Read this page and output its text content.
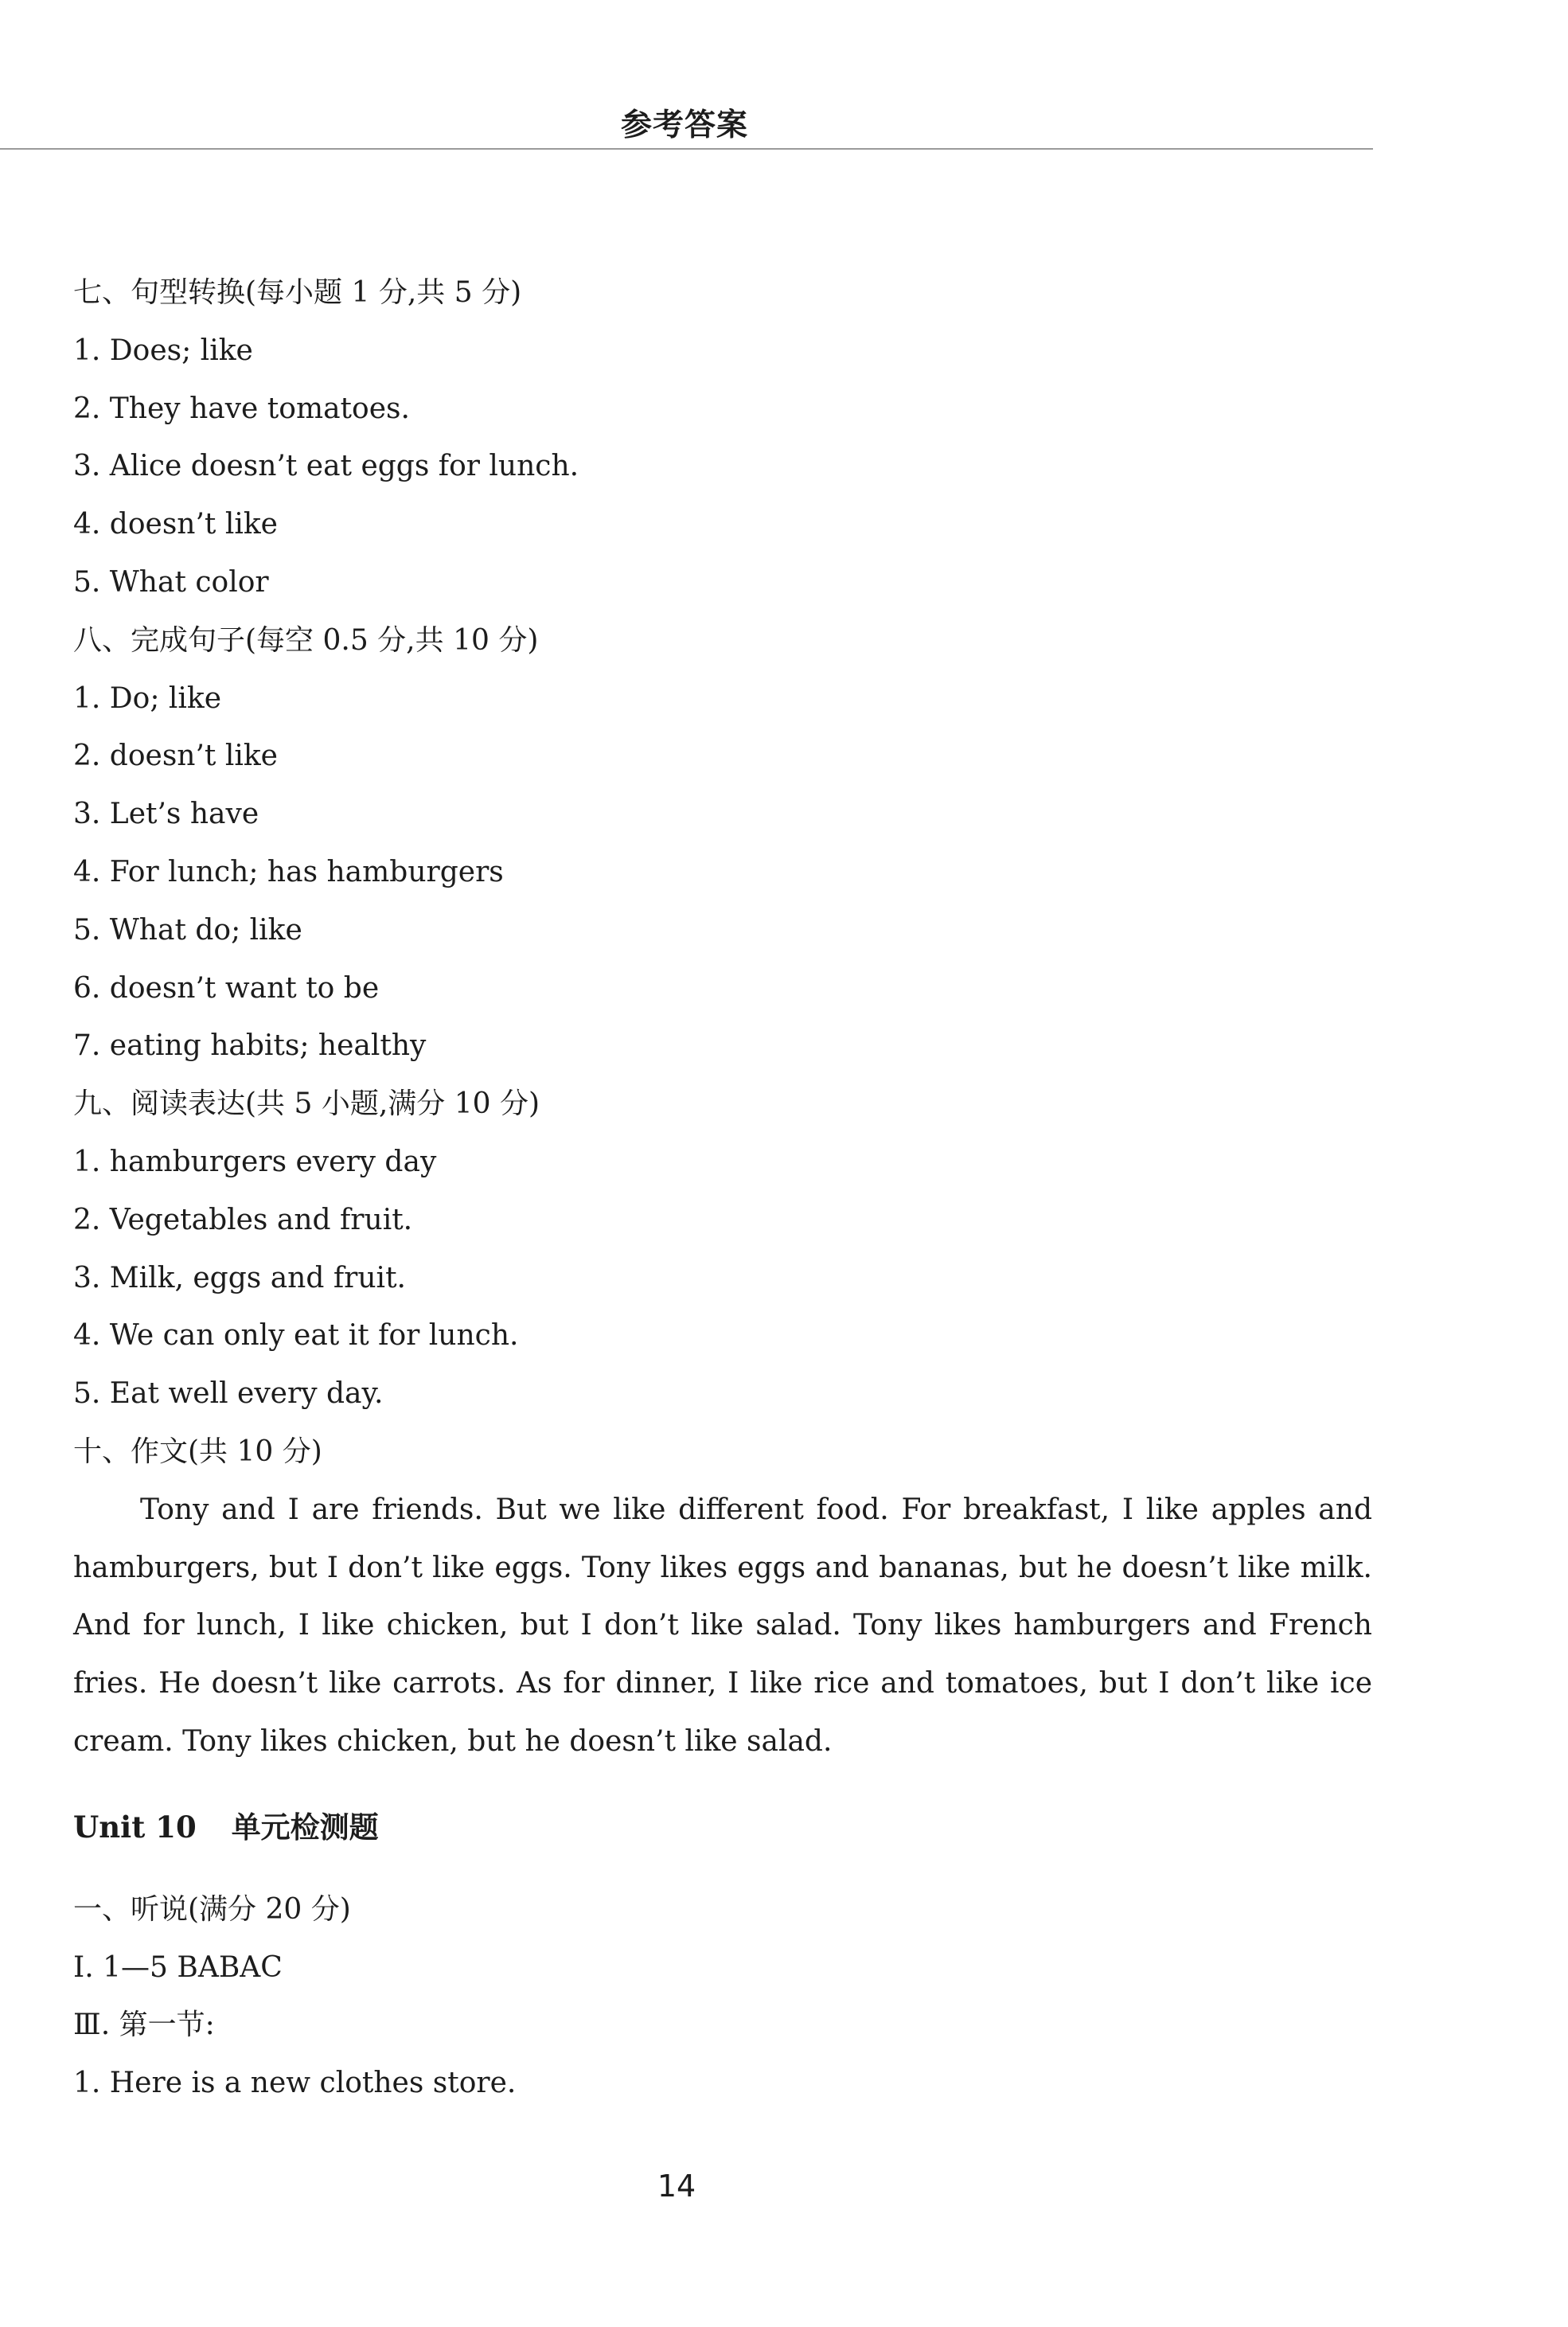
参考答案
七、句型转换(每小题 1 分,共 5 分)
1. Does; like
2. They have tomatoes.
3. Alice doesn’t eat eggs for lunch.
4. doesn’t like
5. What color
八、完成句子(每空 0.5 分,共 10 分)
1. Do; like
2. doesn’t like
3. Let’s have
4. For lunch; has hamburgers
5. What do; like
6. doesn’t want to be
7. eating habits; healthy
九、阅读表达(共 5 小题,满分 10 分)
1. hamburgers every day
2. Vegetables and fruit.
3. Milk, eggs and fruit.
4. We can only eat it for lunch.
5. Eat well every day.
十、作文(共 10 分)

Tony and I are friends. But we like different food. For breakfast, I like apples and hamburgers, but I don’t like eggs. Tony likes eggs and bananas, but he doesn’t like milk. And for lunch, I like chicken, but I don’t like salad. Tony likes hamburgers and French fries. He doesn’t like carrots. As for dinner, I like rice and tomatoes, but I don’t like ice cream. Tony likes chicken, but he doesn’t like salad.

Unit 10 单元检测题
一、听说(满分 20 分)
Ⅰ. 1—5 BABAC
Ⅲ. 第一节:
1. Here is a new clothes store.
14
